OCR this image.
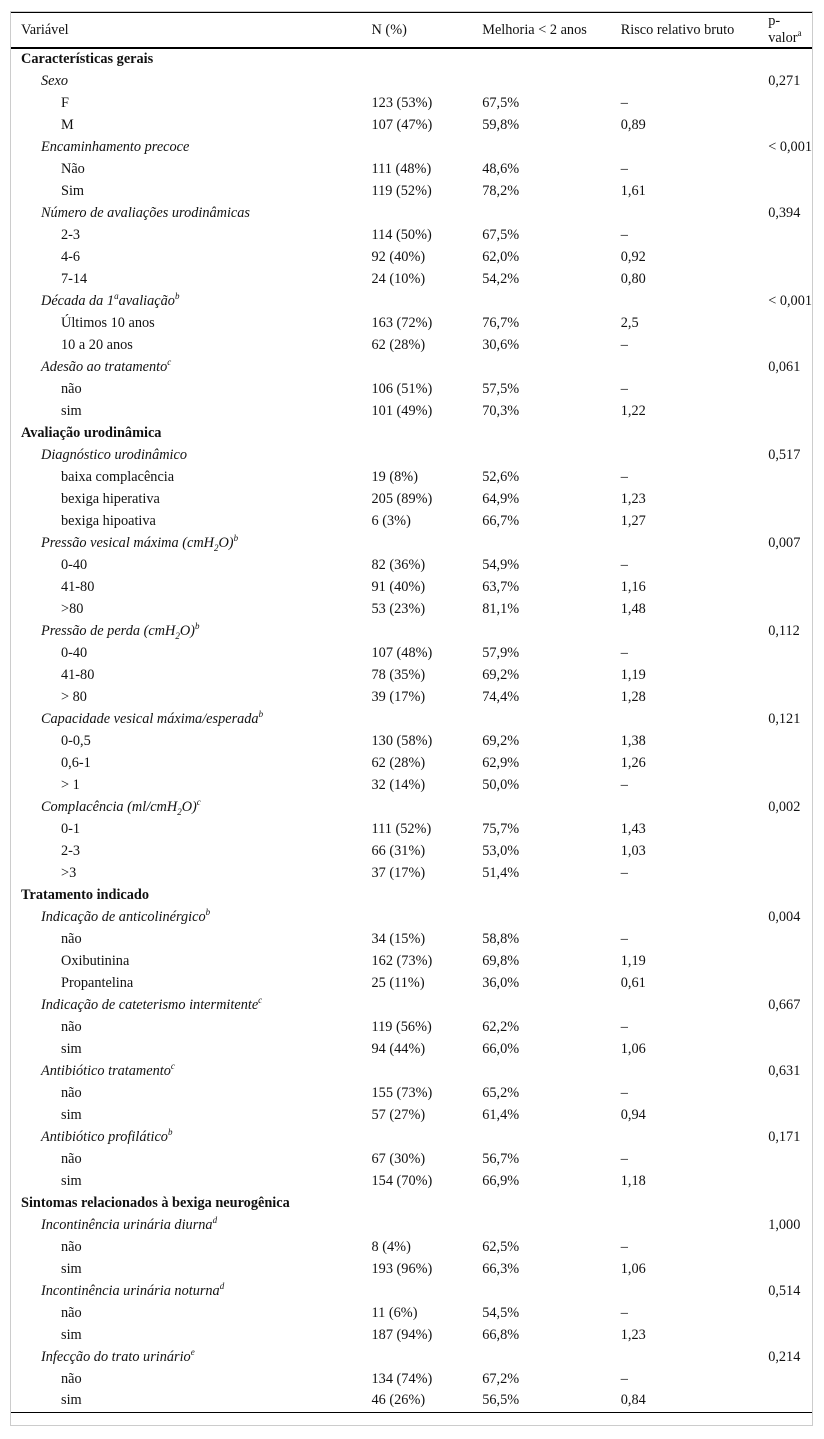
Variável	N (%)	Melhoria < 2 anos	Risco relativo bruto	p-valor$^a$
Características gerais				
Sexo				0,271
F	123 (53%)	67,5%	–	
M	107 (47%)	59,8%	0,89	
Encaminhamento precoce				< 0,001
Não	111 (48%)	48,6%	–	
Sim	119 (52%)	78,2%	1,61	
Número de avaliações urodinâmicas				0,394
2-3	114 (50%)	67,5%	–	
4-6	92 (40%)	62,0%	0,92	
7-14	24 (10%)	54,2%	0,80	
Década da 1$^a$avaliação$^b$				< 0,001
Últimos 10 anos	163 (72%)	76,7%	2,5	
10 a 20 anos	62 (28%)	30,6%	–	
Adesão ao tratamento$^c$				0,061
não	106 (51%)	57,5%	–	
sim	101 (49%)	70,3%	1,22	
Avaliação urodinâmica				
Diagnóstico urodinâmico				0,517
baixa complacência	19 (8%)	52,6%	–	
bexiga hiperativa	205 (89%)	64,9%	1,23	
bexiga hipoativa	6 (3%)	66,7%	1,27	
Pressão vesical máxima $(cmH_2O)^b$				0,007
0-40	82 (36%)	54,9%	–	
41-80	91 (40%)	63,7%	1,16	
>80	53 (23%)	81,1%	1,48	
Pressão de perda $(cmH_2O)^b$				0,112
0-40	107 (48%)	57,9%	–	
41-80	78 (35%)	69,2%	1,19	
> 80	39 (17%)	74,4%	1,28	
Capacidade vesical máxima/esperada$^b$				0,121
0-0,5	130 (58%)	69,2%	1,38	
0,6-1	62 (28%)	62,9%	1,26	
> 1	32 (14%)	50,0%	–	
Complacência $(ml/cmH_2O)^c$				0,002
0-1	111 (52%)	75,7%	1,43	
2-3	66 (31%)	53,0%	1,03	
>3	37 (17%)	51,4%	–	
Tratamento indicado				
Indicação de anticolinérgico$^b$				0,004
não	34 (15%)	58,8%	–	
Oxibutinina	162 (73%)	69,8%	1,19	
Propantelina	25 (11%)	36,0%	0,61	
Indicação de cateterismo intermitente$^c$				0,667
não	119 (56%)	62,2%	–	
sim	94 (44%)	66,0%	1,06	
Antibiótico tratamento$^c$				0,631
não	155 (73%)	65,2%	–	
sim	57 (27%)	61,4%	0,94	
Antibiótico profilático$^b$				0,171
não	67 (30%)	56,7%	–	
sim	154 (70%)	66,9%	1,18	
Sintomas relacionados à bexiga neurogênica				
Incontinência urinária diurna$^d$				1,000
não	8 (4%)	62,5%	–	
sim	193 (96%)	66,3%	1,06	
Incontinência urinária noturna$^d$				0,514
não	11 (6%)	54,5%	–	
sim	187 (94%)	66,8%	1,23	
Infecção do trato urinário$^e$				0,214
não	134 (74%)	67,2%	–	
sim	46 (26%)	56,5%	0,84	
